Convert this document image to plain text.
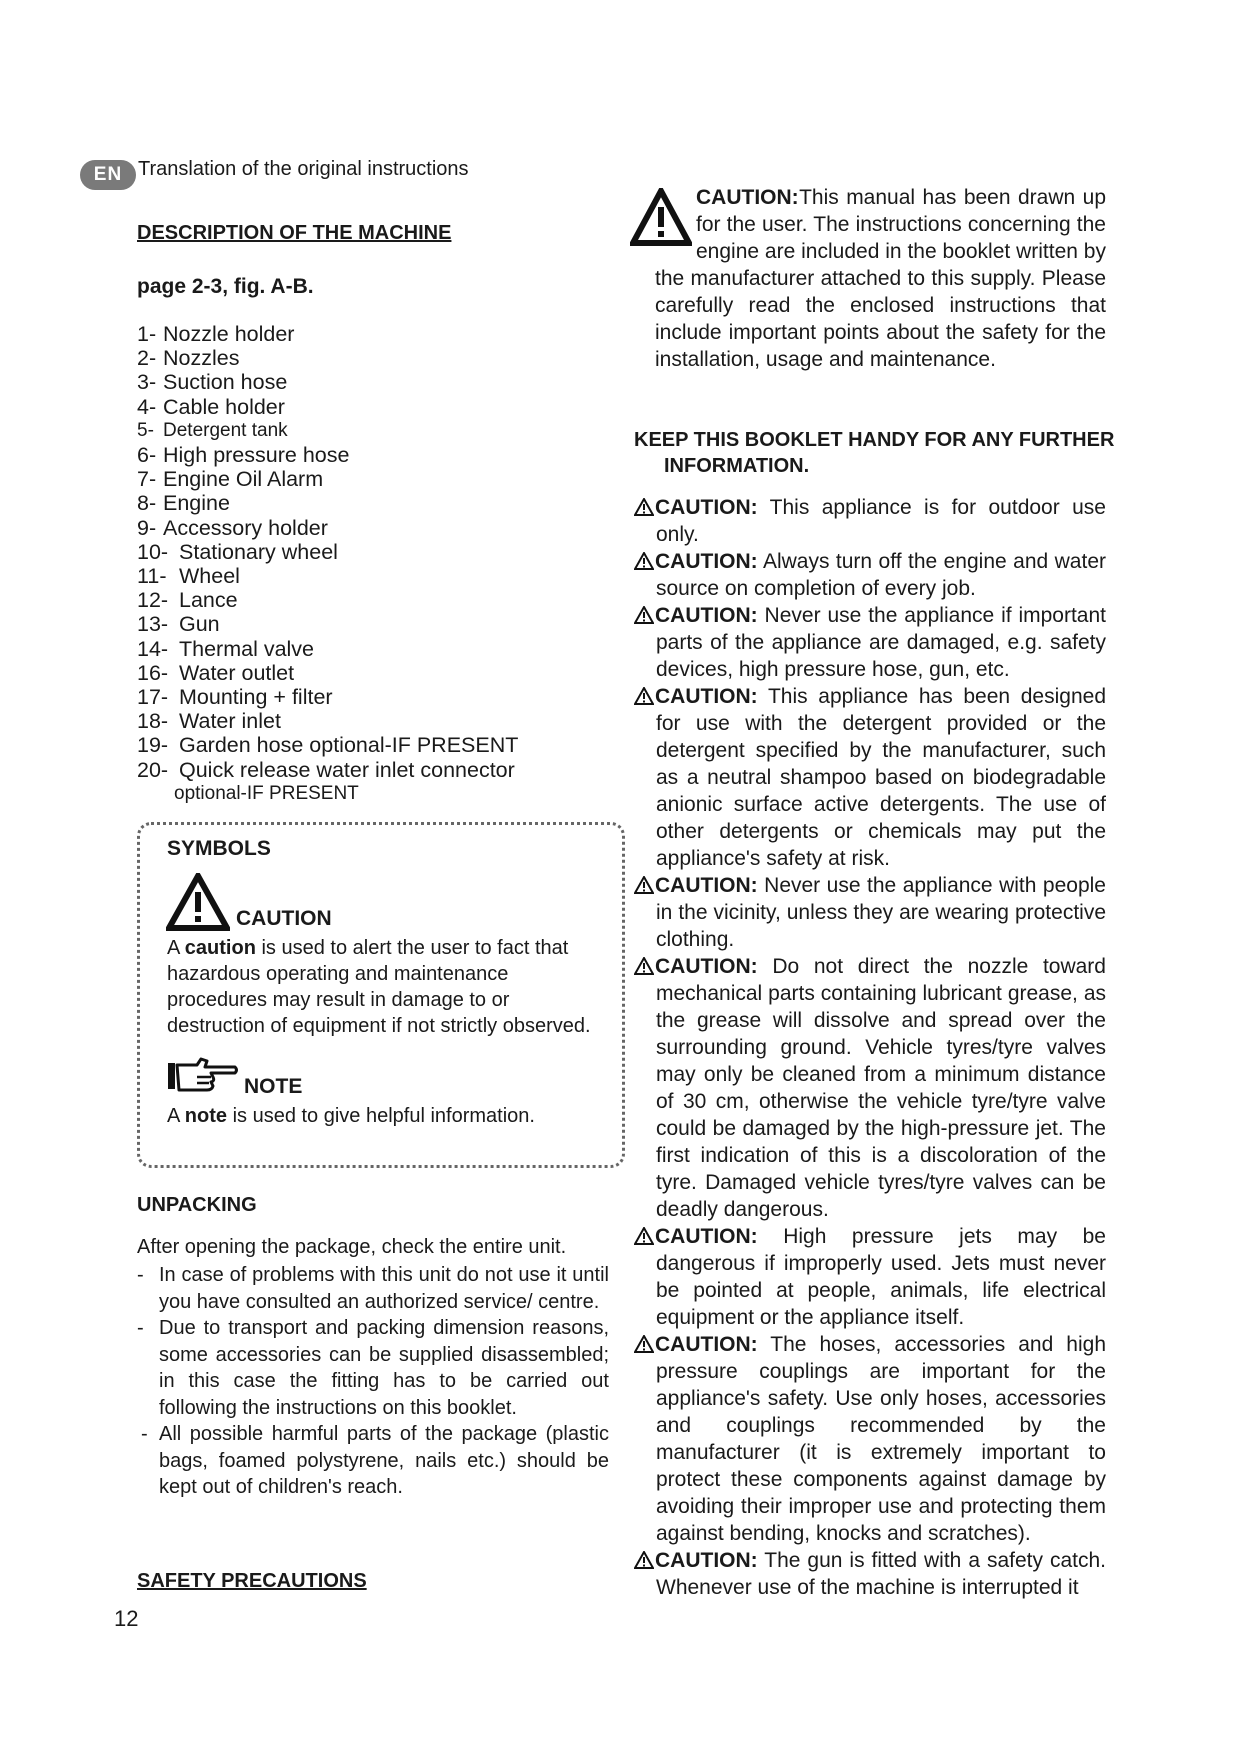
EN Translation of the original instructions
DESCRIPTION OF THE MACHINE
page 2-3, fig. A-B.
1- Nozzle holder
2- Nozzles
3- Suction hose
4- Cable holder
5- Detergent tank
6- High pressure hose
7- Engine Oil Alarm
8- Engine
9- Accessory holder
10- Stationary wheel
11- Wheel
12- Lance
13- Gun
14- Thermal valve
16- Water outlet
17- Mounting + filter
18- Water inlet
19- Garden hose optional-IF PRESENT
20- Quick release water inlet connector
optional-IF PRESENT
SYMBOLS
CAUTION
A caution is used to alert the user to fact that hazardous operating and maintenance procedures may result in damage to or destruction of equipment if not strictly observed.
NOTE
A note is used to give helpful information.
UNPACKING
After opening the package, check the entire unit.
- In case of problems with this unit do not use it until you have consulted an authorized service/ centre.
- Due to transport and packing dimension reasons, some accessories can be supplied disassembled; in this case the fitting has to be carried out following the instructions on this booklet.
- All possible harmful parts of the package (plastic bags, foamed polystyrene, nails etc.) should be kept out of children's reach.
SAFETY PRECAUTIONS
12
CAUTION:
This manual has been drawn up for the user. The instructions concerning the engine are included in the booklet written by the manufacturer attached to this supply. Please carefully read the enclosed instructions that include important points about the safety for the installation, usage and maintenance.
KEEP THIS BOOKLET HANDY FOR ANY FURTHER INFORMATION.
CAUTION: This appliance is for outdoor use only.
CAUTION: Always turn off the engine and water source on completion of every job.
CAUTION: Never use the appliance if important parts of the appliance are damaged, e.g. safety devices, high pressure hose, gun, etc.
CAUTION: This appliance has been designed for use with the detergent provided or the detergent specified by the manufacturer, such as a neutral shampoo based on biodegradable anionic surface active detergents. The use of other detergents or chemicals may put the appliance's safety at risk.
CAUTION: Never use the appliance with people in the vicinity, unless they are wearing protective clothing.
CAUTION: Do not direct the nozzle toward mechanical parts containing lubricant grease, as the grease will dissolve and spread over the surrounding ground. Vehicle tyres/tyre valves may only be cleaned from a minimum distance of 30 cm, otherwise the vehicle tyre/tyre valve could be damaged by the high-pressure jet. The first indication of this is a discoloration of the tyre. Damaged vehicle tyres/tyre valves can be deadly dangerous.
CAUTION: High pressure jets may be dangerous if improperly used. Jets must never be pointed at people, animals, life electrical equipment or the appliance itself.
CAUTION: The hoses, accessories and high pressure couplings are important for the appliance's safety. Use only hoses, accessories and couplings recommended by the manufacturer (it is extremely important to protect these components against damage by avoiding their improper use and protecting them against bending, knocks and scratches).
CAUTION: The gun is fitted with a safety catch. Whenever use of the machine is interrupted it
